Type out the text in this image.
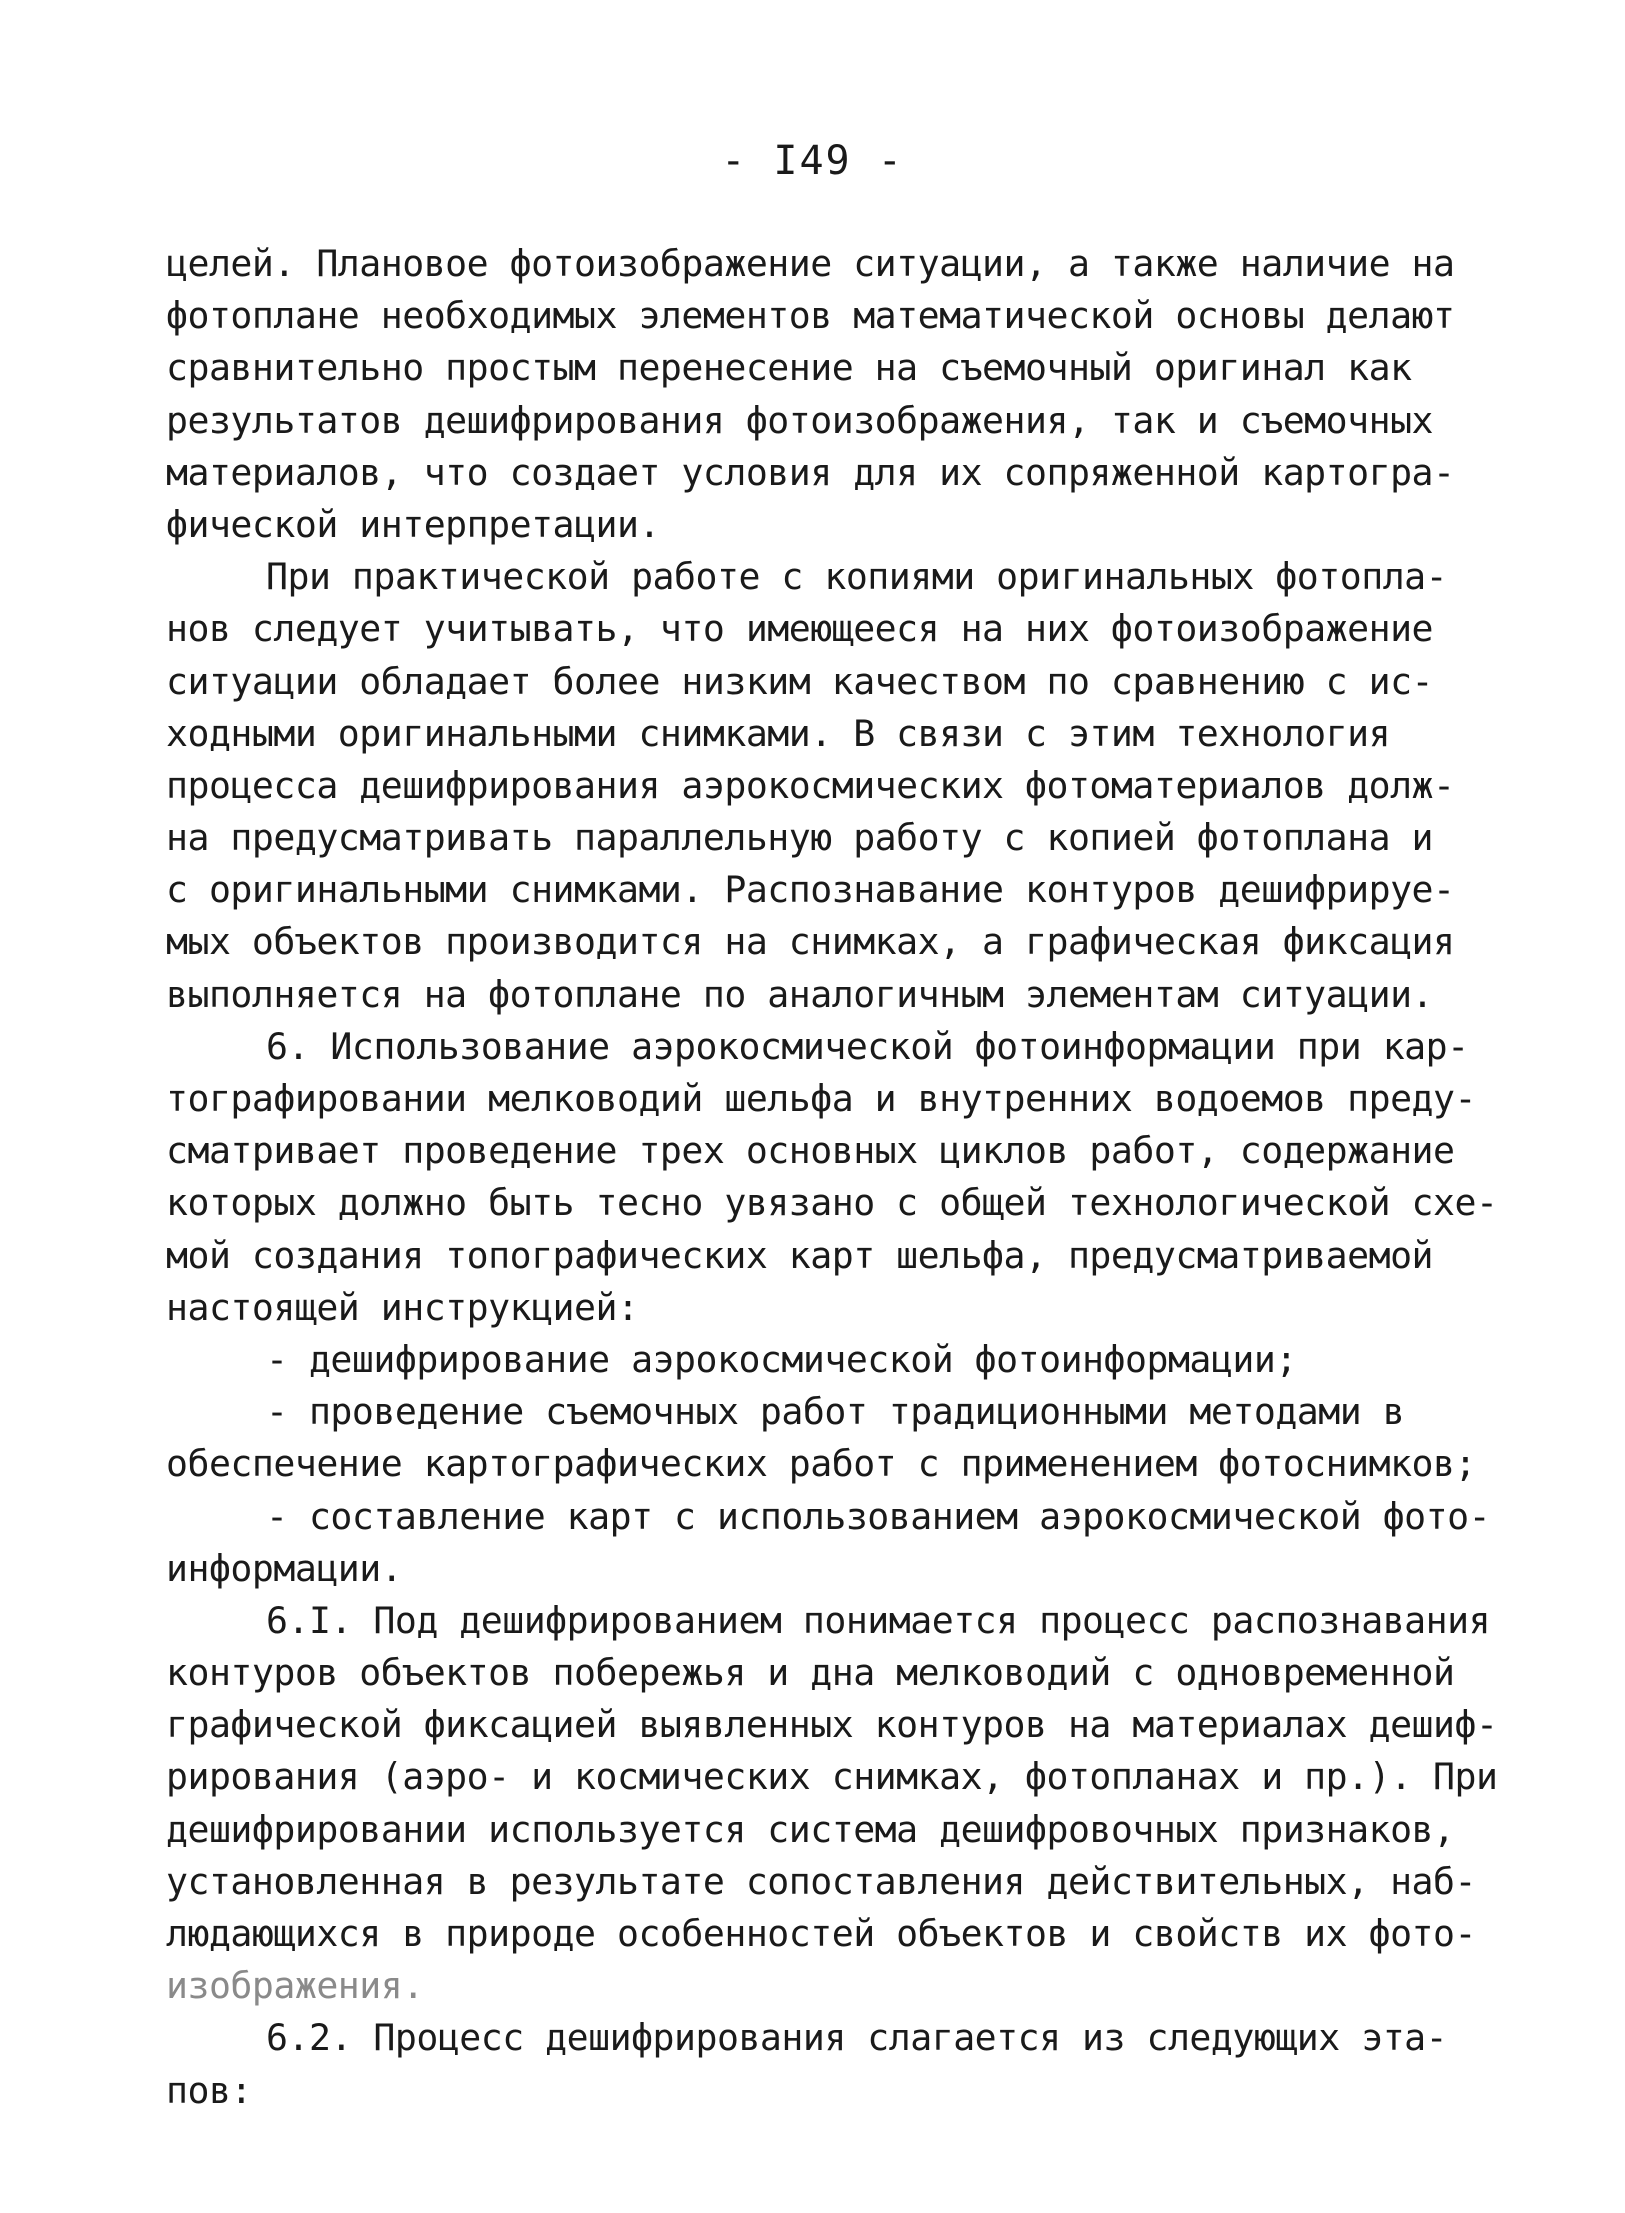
- I49 -
целей. Плановое фотоизображение ситуации, а также наличие на
фотоплане необходимых элементов математической основы делают
сравнительно простым перенесение на съемочный оригинал как
результатов дешифрирования фотоизображения, так и съемочных
материалов, что создает условия для их сопряженной картогра-
фической интерпретации.
При практической работе с копиями оригинальных фотопла-
нов следует учитывать, что имеющееся на них фотоизображение
ситуации обладает более низким качеством по сравнению с ис-
ходными оригинальными снимками. В связи с этим технология
процесса дешифрирования аэрокосмических фотоматериалов долж-
на предусматривать параллельную работу с копией фотоплана и
с оригинальными снимками. Распознавание контуров дешифрируе-
мых объектов производится на снимках, а графическая фиксация
выполняется на фотоплане по аналогичным элементам ситуации.
6. Использование аэрокосмической фотоинформации при кар-
тографировании мелководий шельфа и внутренних водоемов преду-
сматривает проведение трех основных циклов работ, содержание
которых должно быть тесно увязано с общей технологической схе-
мой создания топографических карт шельфа, предусматриваемой
настоящей инструкцией:
- дешифрирование аэрокосмической фотоинформации;
- проведение съемочных работ традиционными методами в
обеспечение картографических работ с применением фотоснимков;
- составление карт с использованием аэрокосмической фото-
информации.
6.I. Под дешифрированием понимается процесс распознавания
контуров объектов побережья и дна мелководий с одновременной
графической фиксацией выявленных контуров на материалах дешиф-
рирования (аэро- и космических снимках, фотопланах и пр.). При
дешифрировании используется система дешифровочных признаков,
установленная в результате сопоставления действительных, наб-
людающихся в природе особенностей объектов и свойств их фото-
изображения.
6.2. Процесс дешифрирования слагается из следующих эта-
пов:
